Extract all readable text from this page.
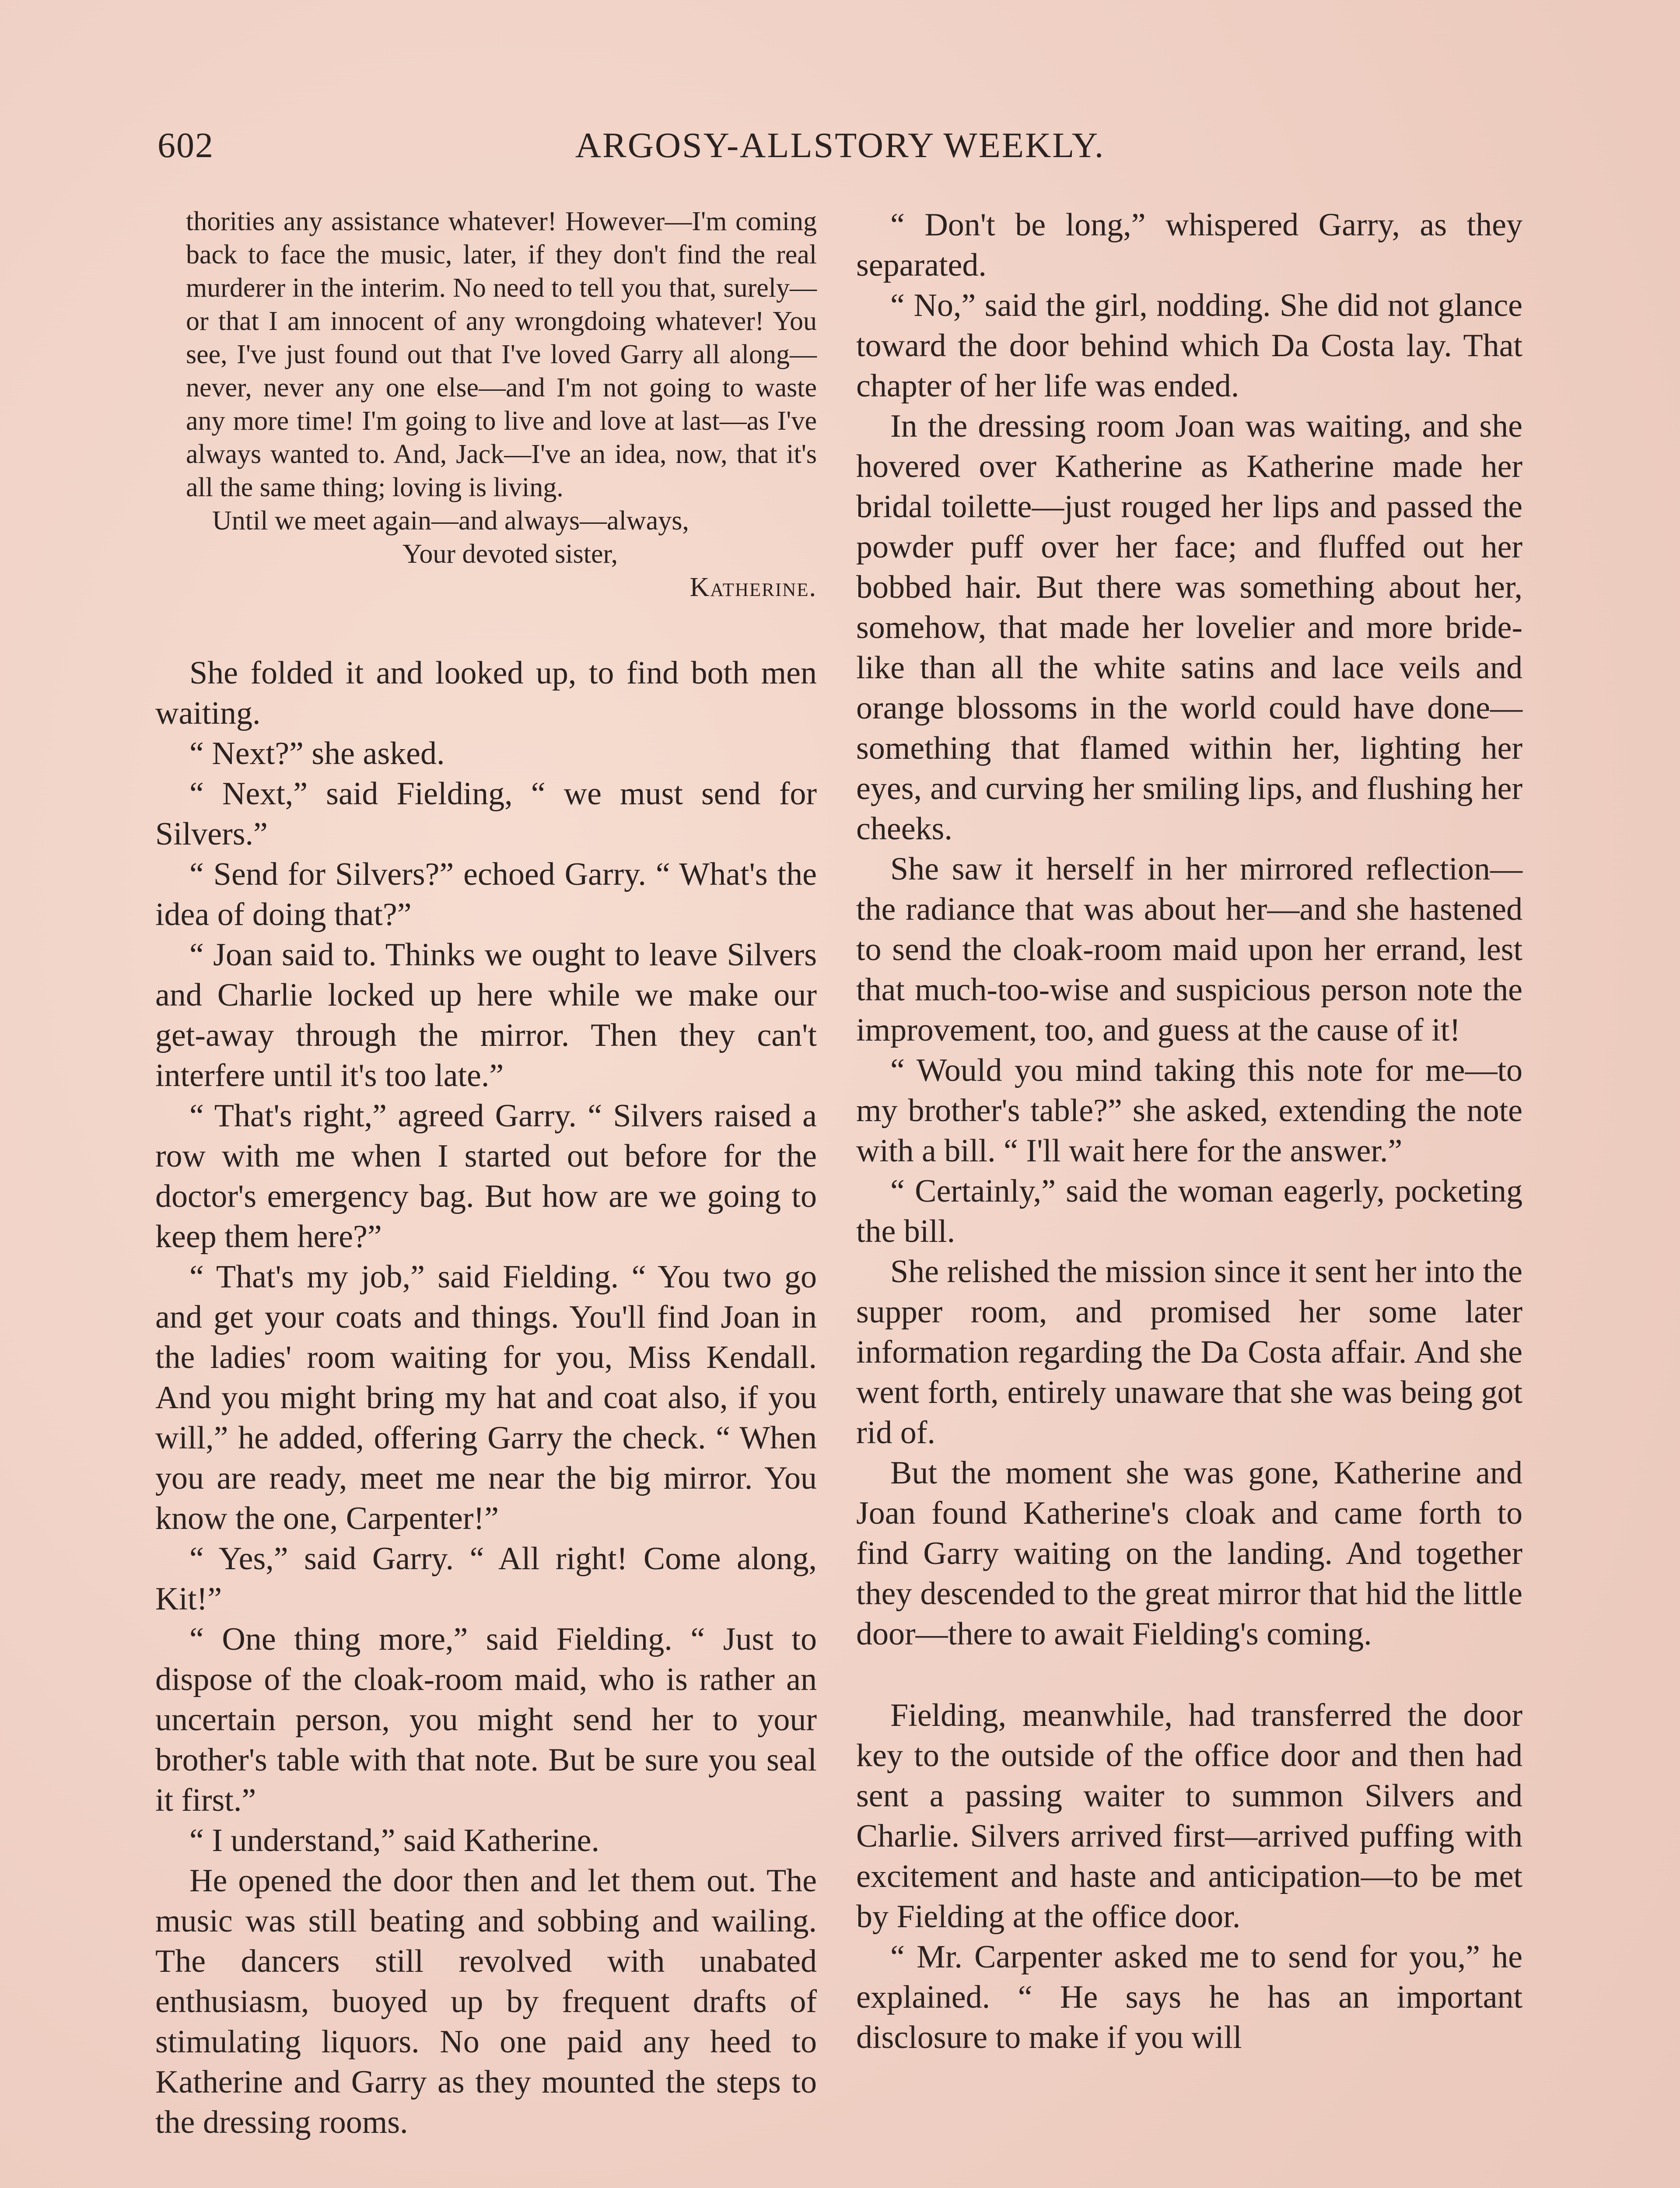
602	ARGOSY-ALLSTORY WEEKLY.

thorities any assistance whatever! However—I'm coming back to face the music, later, if they don't find the real murderer in the interim. No need to tell you that, surely—or that I am innocent of any wrongdoing whatever! You see, I've just found out that I've loved Garry all along—never, never any one else—and I'm not going to waste any more time! I'm going to live and love at last—as I've always wanted to. And, Jack—I've an idea, now, that it's all the same thing; loving is living.

Until we meet again—and always—always,

Your devoted sister,

Katherine.

She folded it and looked up, to find both men waiting.

“ Next?” she asked.

“ Next,” said Fielding, “ we must send for Silvers.”

“ Send for Silvers?” echoed Garry. “ What's the idea of doing that?”

“ Joan said to. Thinks we ought to leave Silvers and Charlie locked up here while we make our get-away through the mirror. Then they can't interfere until it's too late.”

“ That's right,” agreed Garry. “ Silvers raised a row with me when I started out before for the doctor's emergency bag. But how are we going to keep them here?”

“ That's my job,” said Fielding. “ You two go and get your coats and things. You'll find Joan in the ladies' room waiting for you, Miss Kendall. And you might bring my hat and coat also, if you will,” he added, offering Garry the check. “ When you are ready, meet me near the big mirror. You know the one, Carpenter!”

“ Yes,” said Garry. “ All right! Come along, Kit!”

“ One thing more,” said Fielding. “ Just to dispose of the cloak-room maid, who is rather an uncertain person, you might send her to your brother's table with that note. But be sure you seal it first.”

“ I understand,” said Katherine.

He opened the door then and let them out. The music was still beating and sobbing and wailing. The dancers still revolved with unabated enthusiasm, buoyed up by frequent drafts of stimulating liquors. No one paid any heed to Katherine and Garry as they mounted the steps to the dressing rooms.

“ Don't be long,” whispered Garry, as they separated.

“ No,” said the girl, nodding. She did not glance toward the door behind which Da Costa lay. That chapter of her life was ended.

In the dressing room Joan was waiting, and she hovered over Katherine as Katherine made her bridal toilette—just rouged her lips and passed the powder puff over her face; and fluffed out her bobbed hair. But there was something about her, somehow, that made her lovelier and more bride-like than all the white satins and lace veils and orange blossoms in the world could have done—something that flamed within her, lighting her eyes, and curving her smiling lips, and flushing her cheeks.

She saw it herself in her mirrored reflection—the radiance that was about her—and she hastened to send the cloak-room maid upon her errand, lest that much-too-wise and suspicious person note the improvement, too, and guess at the cause of it!

“ Would you mind taking this note for me—to my brother's table?” she asked, extending the note with a bill. “ I'll wait here for the answer.”

“ Certainly,” said the woman eagerly, pocketing the bill.

She relished the mission since it sent her into the supper room, and promised her some later information regarding the Da Costa affair. And she went forth, entirely unaware that she was being got rid of.

But the moment she was gone, Katherine and Joan found Katherine's cloak and came forth to find Garry waiting on the landing. And together they descended to the great mirror that hid the little door—there to await Fielding's coming.

Fielding, meanwhile, had transferred the door key to the outside of the office door and then had sent a passing waiter to summon Silvers and Charlie. Silvers arrived first—arrived puffing with excitement and haste and anticipation—to be met by Fielding at the office door.

“ Mr. Carpenter asked me to send for you,” he explained. “ He says he has an important disclosure to make if you will
